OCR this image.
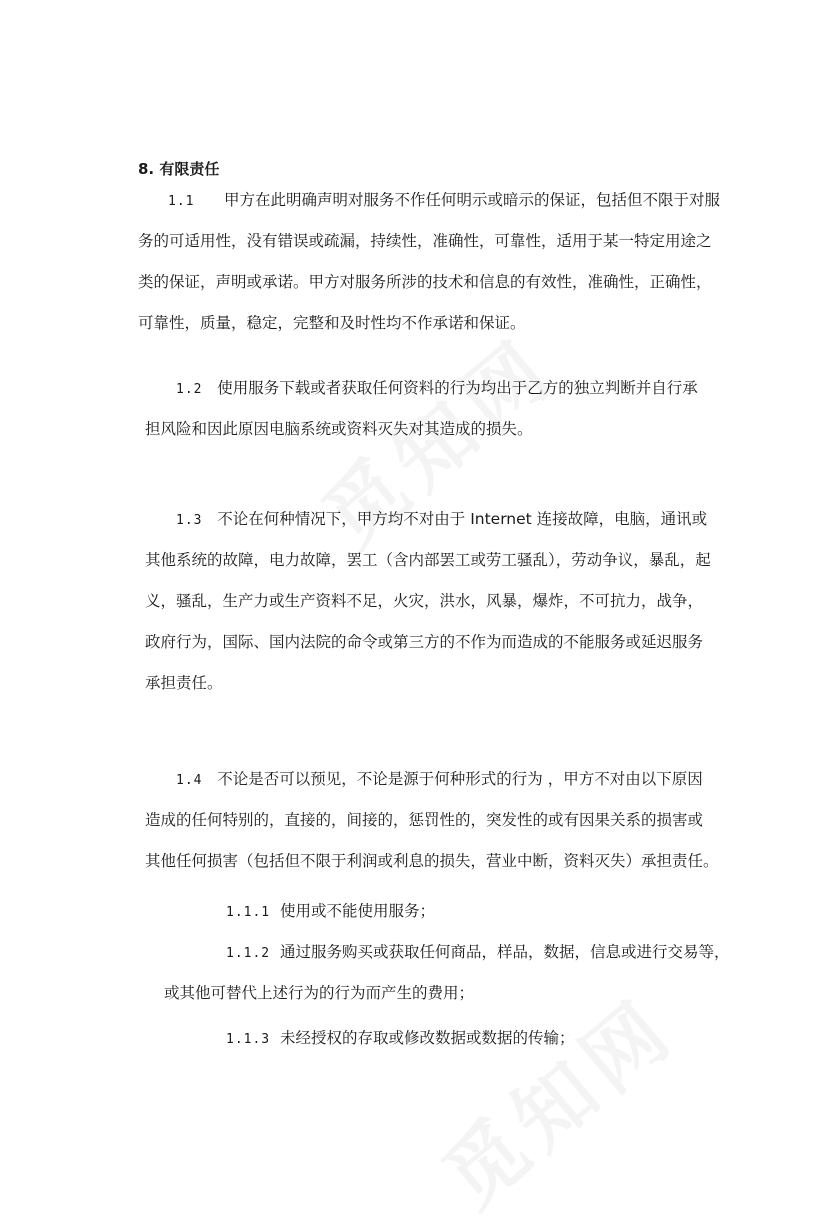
8. 有限责任
1.1 甲方在此明确声明对服务不作任何明示或暗示的保证，包括但不限于对服
务的可适用性，没有错误或疏漏，持续性，准确性，可靠性，适用于某一特定用途之
类的保证，声明或承诺。甲方对服务所涉的技术和信息的有效性，准确性，正确性，
可靠性，质量，稳定，完整和及时性均不作承诺和保证。
1.2 使用服务下载或者获取任何资料的行为均出于乙方的独立判断并自行承
担风险和因此原因电脑系统或资料灭失对其造成的损失。
1.3 不论在何种情况下，甲方均不对由于 Internet 连接故障，电脑，通讯或
其他系统的故障，电力故障，罢工（含内部罢工或劳工骚乱），劳动争议，暴乱，起
义，骚乱，生产力或生产资料不足，火灾，洪水，风暴，爆炸，不可抗力，战争，
政府行为，国际、国内法院的命令或第三方的不作为而造成的不能服务或延迟服务
承担责任。
1.4 不论是否可以预见，不论是源于何种形式的行为 ，甲方不对由以下原因
造成的任何特别的，直接的，间接的，惩罚性的，突发性的或有因果关系的损害或
其他任何损害（包括但不限于利润或利息的损失，营业中断，资料灭失）承担责任。
1.1.1 使用或不能使用服务；
1.1.2 通过服务购买或获取任何商品，样品，数据，信息或进行交易等，
或其他可替代上述行为的行为而产生的费用；
1.1.3 未经授权的存取或修改数据或数据的传输；
